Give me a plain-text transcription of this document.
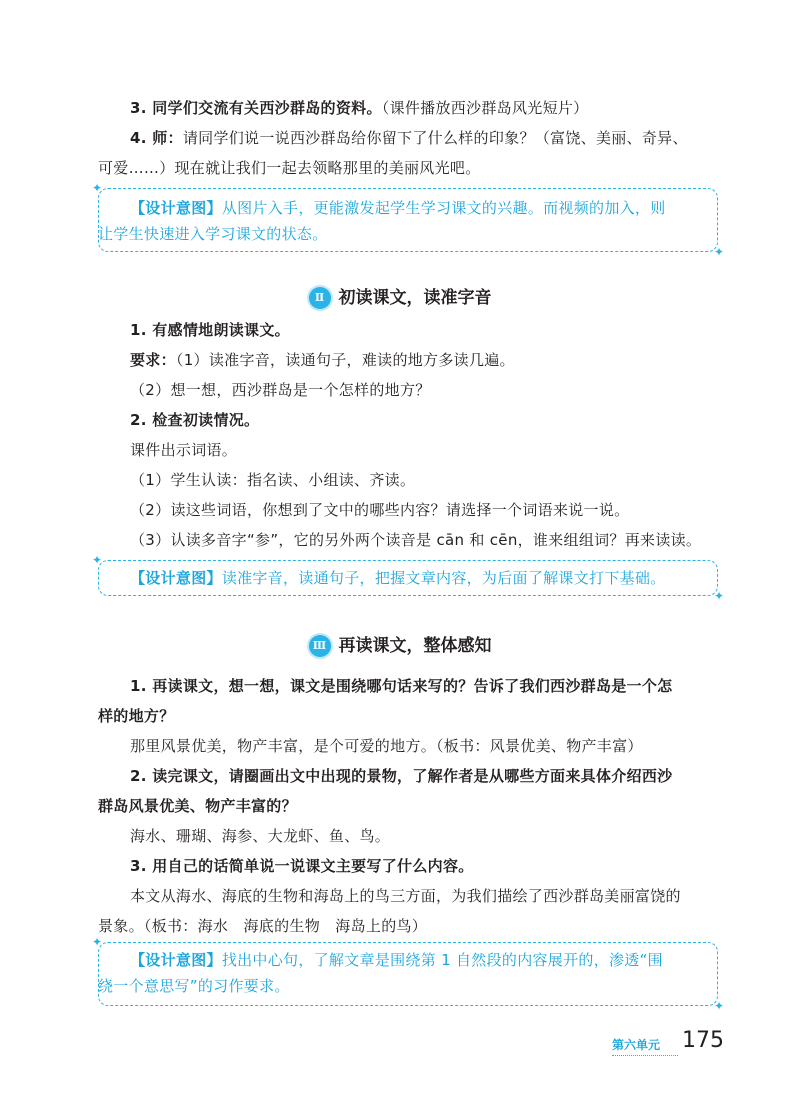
3. 同学们交流有关西沙群岛的资料。（课件播放西沙群岛风光短片）
4. 师：请同学们说一说西沙群岛给你留下了什么样的印象？（富饶、美丽、奇异、
可爱……）现在就让我们一起去领略那里的美丽风光吧。
✦
✦
【设计意图】从图片入手，更能激发起学生学习课文的兴趣。而视频的加入，则
让学生快速进入学习课文的状态。
Ⅱ 初读课文，读准字音
1. 有感情地朗读课文。
要求：（1）读准字音，读通句子，难读的地方多读几遍。
（2）想一想，西沙群岛是一个怎样的地方？
2. 检查初读情况。
课件出示词语。
（1）学生认读：指名读、小组读、齐读。
（2）读这些词语，你想到了文中的哪些内容？请选择一个词语来说一说。
（3）认读多音字“参”，它的另外两个读音是 cān 和 cēn，谁来组组词？再来读读。
✦
✦
【设计意图】读准字音，读通句子，把握文章内容，为后面了解课文打下基础。
Ⅲ 再读课文，整体感知
1. 再读课文，想一想，课文是围绕哪句话来写的？告诉了我们西沙群岛是一个怎
样的地方？
那里风景优美，物产丰富，是个可爱的地方。（板书：风景优美、物产丰富）
2. 读完课文，请圈画出文中出现的景物，了解作者是从哪些方面来具体介绍西沙
群岛风景优美、物产丰富的？
海水、珊瑚、海参、大龙虾、鱼、鸟。
3. 用自己的话简单说一说课文主要写了什么内容。
本文从海水、海底的生物和海岛上的鸟三方面，为我们描绘了西沙群岛美丽富饶的
景象。（板书：海水　海底的生物　海岛上的鸟）
✦
✦
【设计意图】找出中心句，了解文章是围绕第 1 自然段的内容展开的，渗透“围
绕一个意思写”的习作要求。
第六单元 175
